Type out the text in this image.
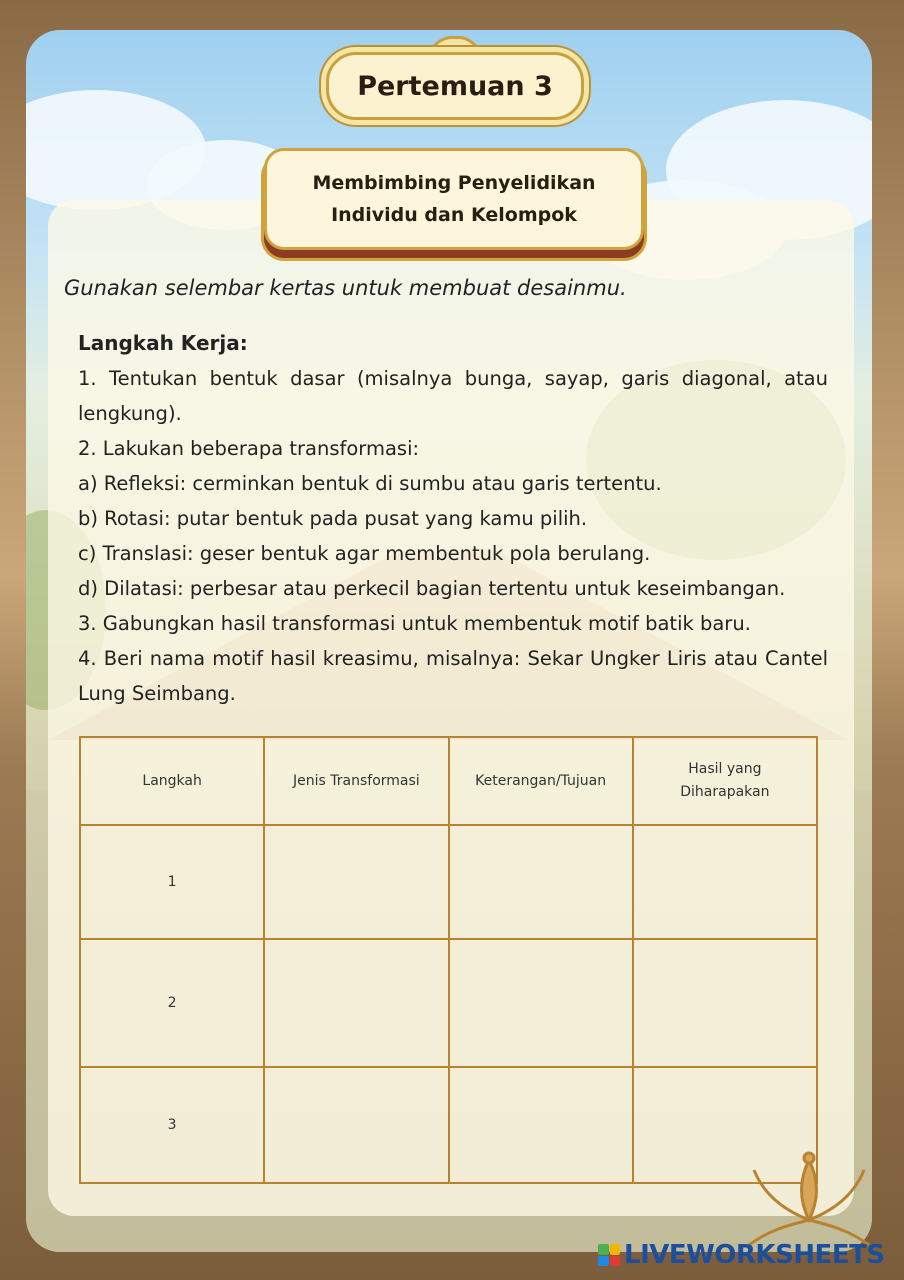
Pertemuan 3
Membimbing Penyelidikan
Individu dan Kelompok
Gunakan selembar kertas untuk membuat desainmu.
Langkah Kerja:
1. Tentukan bentuk dasar (misalnya bunga, sayap, garis diagonal, atau lengkung).
2. Lakukan beberapa transformasi:
a) Refleksi: cerminkan bentuk di sumbu atau garis tertentu.
b) Rotasi: putar bentuk pada pusat yang kamu pilih.
c) Translasi: geser bentuk agar membentuk pola berulang.
d) Dilatasi: perbesar atau perkecil bagian tertentu untuk keseimbangan.
3. Gabungkan hasil transformasi untuk membentuk motif batik baru.
4. Beri nama motif hasil kreasimu, misalnya: Sekar Ungker Liris atau Cantel Lung Seimbang.
Langkah	Jenis Transformasi	Keterangan/Tujuan	Hasil yang
Diharapakan

1			
2			
3			
LIVEWORKSHEETS
